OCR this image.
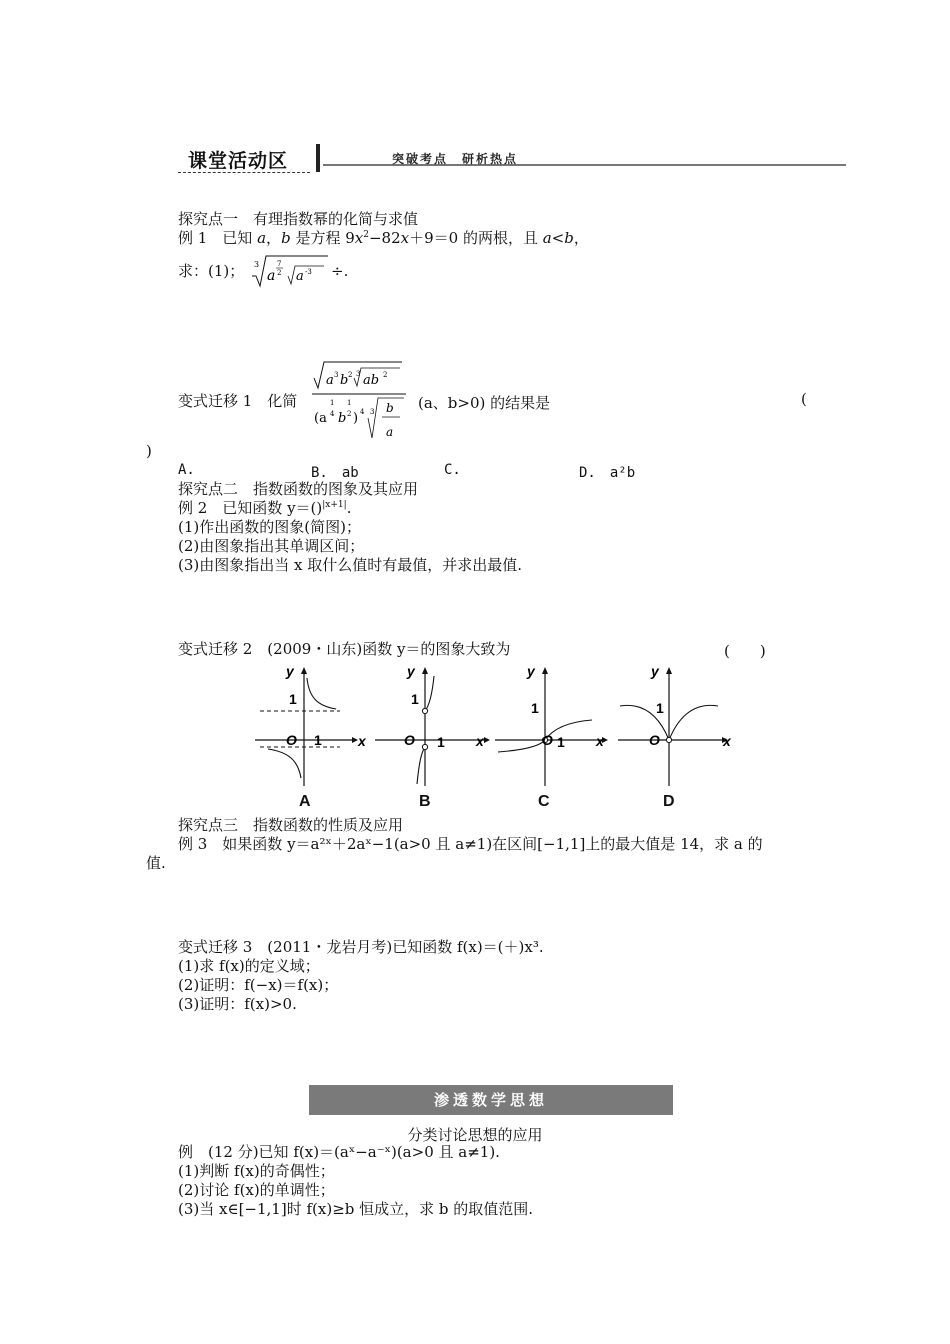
课堂活动区	突破考点　研析热点
探究点一　有理指数幂的化简与求值
例 1　已知 a，b 是方程 $9x^2-82x+9=0$ 的两根，且 a<b，
求：(1)； 3
a
7
2 a -3 ÷.
变式迁移 1　化简
a 3 b 2 3 ab 2
(a
1
4 b
1
2 ) 4 3 b
a
(a、b>0) 的结果是	(
)
A.	B.　ab	C.	D.　a²b
探究点二　指数函数的图象及其应用
例 2　已知函数 y＝()$^{|x+1|}$.
(1)作出函数的图象(简图)；
(2)由图象指出其单调区间；
(3)由图象指出当 x 取什么值时有最值，并求出最值.
变式迁移 2　(2009・山东)函数 y＝的图象大致为	(　　)
y
x
O
1
1
y
x
O
1
1
y
x
O
1
1
y
x
O
1
A	B	C	D
探究点三　指数函数的性质及应用
例 3　如果函数 y＝a²ˣ＋2aˣ−1(a>0 且 a≠1)在区间[−1,1]上的最大值是 14，求 a 的
值.
变式迁移 3　(2011・龙岩月考)已知函数 f(x)＝(＋)x³.
(1)求 f(x)的定义域；
(2)证明：f(−x)＝f(x)；
(3)证明：f(x)>0.
渗透数学思想
分类讨论思想的应用
例　(12 分)已知 f(x)＝(aˣ−a⁻ˣ)(a>0 且 a≠1).
(1)判断 f(x)的奇偶性；
(2)讨论 f(x)的单调性；
(3)当 x∈[−1,1]时 f(x)≥b 恒成立，求 b 的取值范围.
